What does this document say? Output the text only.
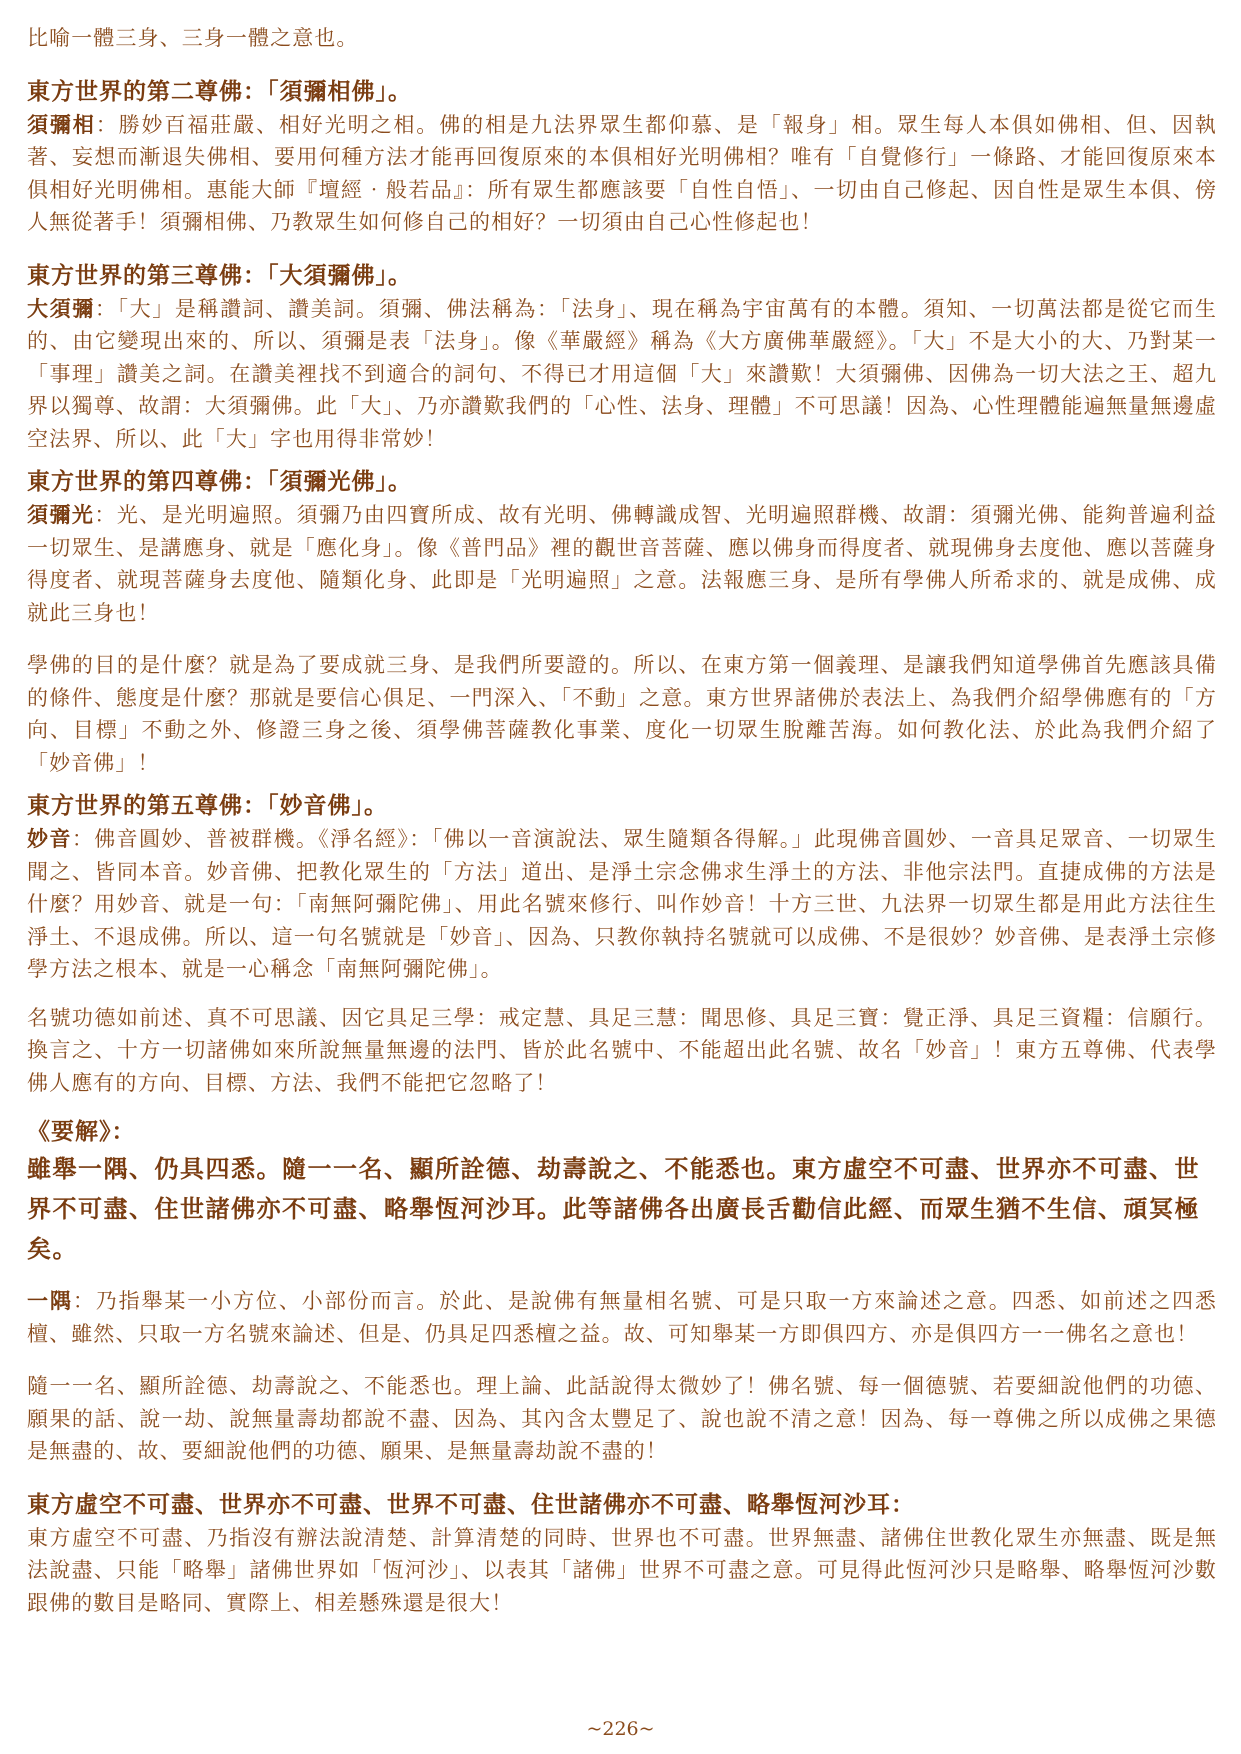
比喻一體三身、三身一體之意也。

東方世界的第二尊佛：「須彌相佛」。

須彌相：勝妙百福莊嚴、相好光明之相。佛的相是九法界眾生都仰慕、是「報身」相。眾生每人本俱如佛相、但、因執著、妄想而漸退失佛相、要用何種方法才能再回復原來的本俱相好光明佛相？唯有「自覺修行」一條路、才能回復原來本俱相好光明佛相。惠能大師『壇經‧般若品』：所有眾生都應該要「自性自悟」、一切由自己修起、因自性是眾生本俱、傍人無從著手！須彌相佛、乃教眾生如何修自己的相好？一切須由自己心性修起也！

東方世界的第三尊佛：「大須彌佛」。

大須彌：「大」是稱讚詞、讚美詞。須彌、佛法稱為：「法身」、現在稱為宇宙萬有的本體。須知、一切萬法都是從它而生的、由它變現出來的、所以、須彌是表「法身」。像《華嚴經》稱為《大方廣佛華嚴經》。「大」不是大小的大、乃對某一「事理」讚美之詞。在讚美裡找不到適合的詞句、不得已才用這個「大」來讚歎！大須彌佛、因佛為一切大法之王、超九界以獨尊、故謂：大須彌佛。此「大」、乃亦讚歎我們的「心性、法身、理體」不可思議！因為、心性理體能遍無量無邊虛空法界、所以、此「大」字也用得非常妙！

東方世界的第四尊佛：「須彌光佛」。

須彌光：光、是光明遍照。須彌乃由四寶所成、故有光明、佛轉識成智、光明遍照群機、故謂：須彌光佛、能夠普遍利益一切眾生、是講應身、就是「應化身」。像《普門品》裡的觀世音菩薩、應以佛身而得度者、就現佛身去度他、應以菩薩身得度者、就現菩薩身去度他、隨類化身、此即是「光明遍照」之意。法報應三身、是所有學佛人所希求的、就是成佛、成就此三身也！

學佛的目的是什麼？就是為了要成就三身、是我們所要證的。所以、在東方第一個義理、是讓我們知道學佛首先應該具備的條件、態度是什麼？那就是要信心俱足、一門深入、「不動」之意。東方世界諸佛於表法上、為我們介紹學佛應有的「方向、目標」不動之外、修證三身之後、須學佛菩薩教化事業、度化一切眾生脫離苦海。如何教化法、於此為我們介紹了「妙音佛」！

東方世界的第五尊佛：「妙音佛」。

妙音：佛音圓妙、普被群機。《淨名經》：「佛以一音演說法、眾生隨類各得解。」此現佛音圓妙、一音具足眾音、一切眾生聞之、皆同本音。妙音佛、把教化眾生的「方法」道出、是淨土宗念佛求生淨土的方法、非他宗法門。直捷成佛的方法是什麼？用妙音、就是一句：「南無阿彌陀佛」、用此名號來修行、叫作妙音！十方三世、九法界一切眾生都是用此方法往生淨土、不退成佛。所以、這一句名號就是「妙音」、因為、只教你執持名號就可以成佛、不是很妙？妙音佛、是表淨土宗修學方法之根本、就是一心稱念「南無阿彌陀佛」。

名號功德如前述、真不可思議、因它具足三學：戒定慧、具足三慧：聞思修、具足三寶：覺正淨、具足三資糧：信願行。換言之、十方一切諸佛如來所說無量無邊的法門、皆於此名號中、不能超出此名號、故名「妙音」！東方五尊佛、代表學佛人應有的方向、目標、方法、我們不能把它忽略了！

《要解》：

雖舉一隅、仍具四悉。隨一一名、顯所詮德、劫壽說之、不能悉也。東方虛空不可盡、世界亦不可盡、世界不可盡、住世諸佛亦不可盡、略舉恆河沙耳。此等諸佛各出廣長舌勸信此經、而眾生猶不生信、頑冥極矣。

一隅：乃指舉某一小方位、小部份而言。於此、是說佛有無量相名號、可是只取一方來論述之意。四悉、如前述之四悉檀、雖然、只取一方名號來論述、但是、仍具足四悉檀之益。故、可知舉某一方即俱四方、亦是俱四方一一佛名之意也！

隨一一名、顯所詮德、劫壽說之、不能悉也。理上論、此話說得太微妙了！佛名號、每一個德號、若要細說他們的功德、願果的話、說一劫、說無量壽劫都說不盡、因為、其內含太豐足了、說也說不清之意！因為、每一尊佛之所以成佛之果德是無盡的、故、要細說他們的功德、願果、是無量壽劫說不盡的！

東方虛空不可盡、世界亦不可盡、世界不可盡、住世諸佛亦不可盡、略舉恆河沙耳：

東方虛空不可盡、乃指沒有辦法說清楚、計算清楚的同時、世界也不可盡。世界無盡、諸佛住世教化眾生亦無盡、既是無法說盡、只能「略舉」諸佛世界如「恆河沙」、以表其「諸佛」世界不可盡之意。可見得此恆河沙只是略舉、略舉恆河沙數跟佛的數目是略同、實際上、相差懸殊還是很大！

~226~
